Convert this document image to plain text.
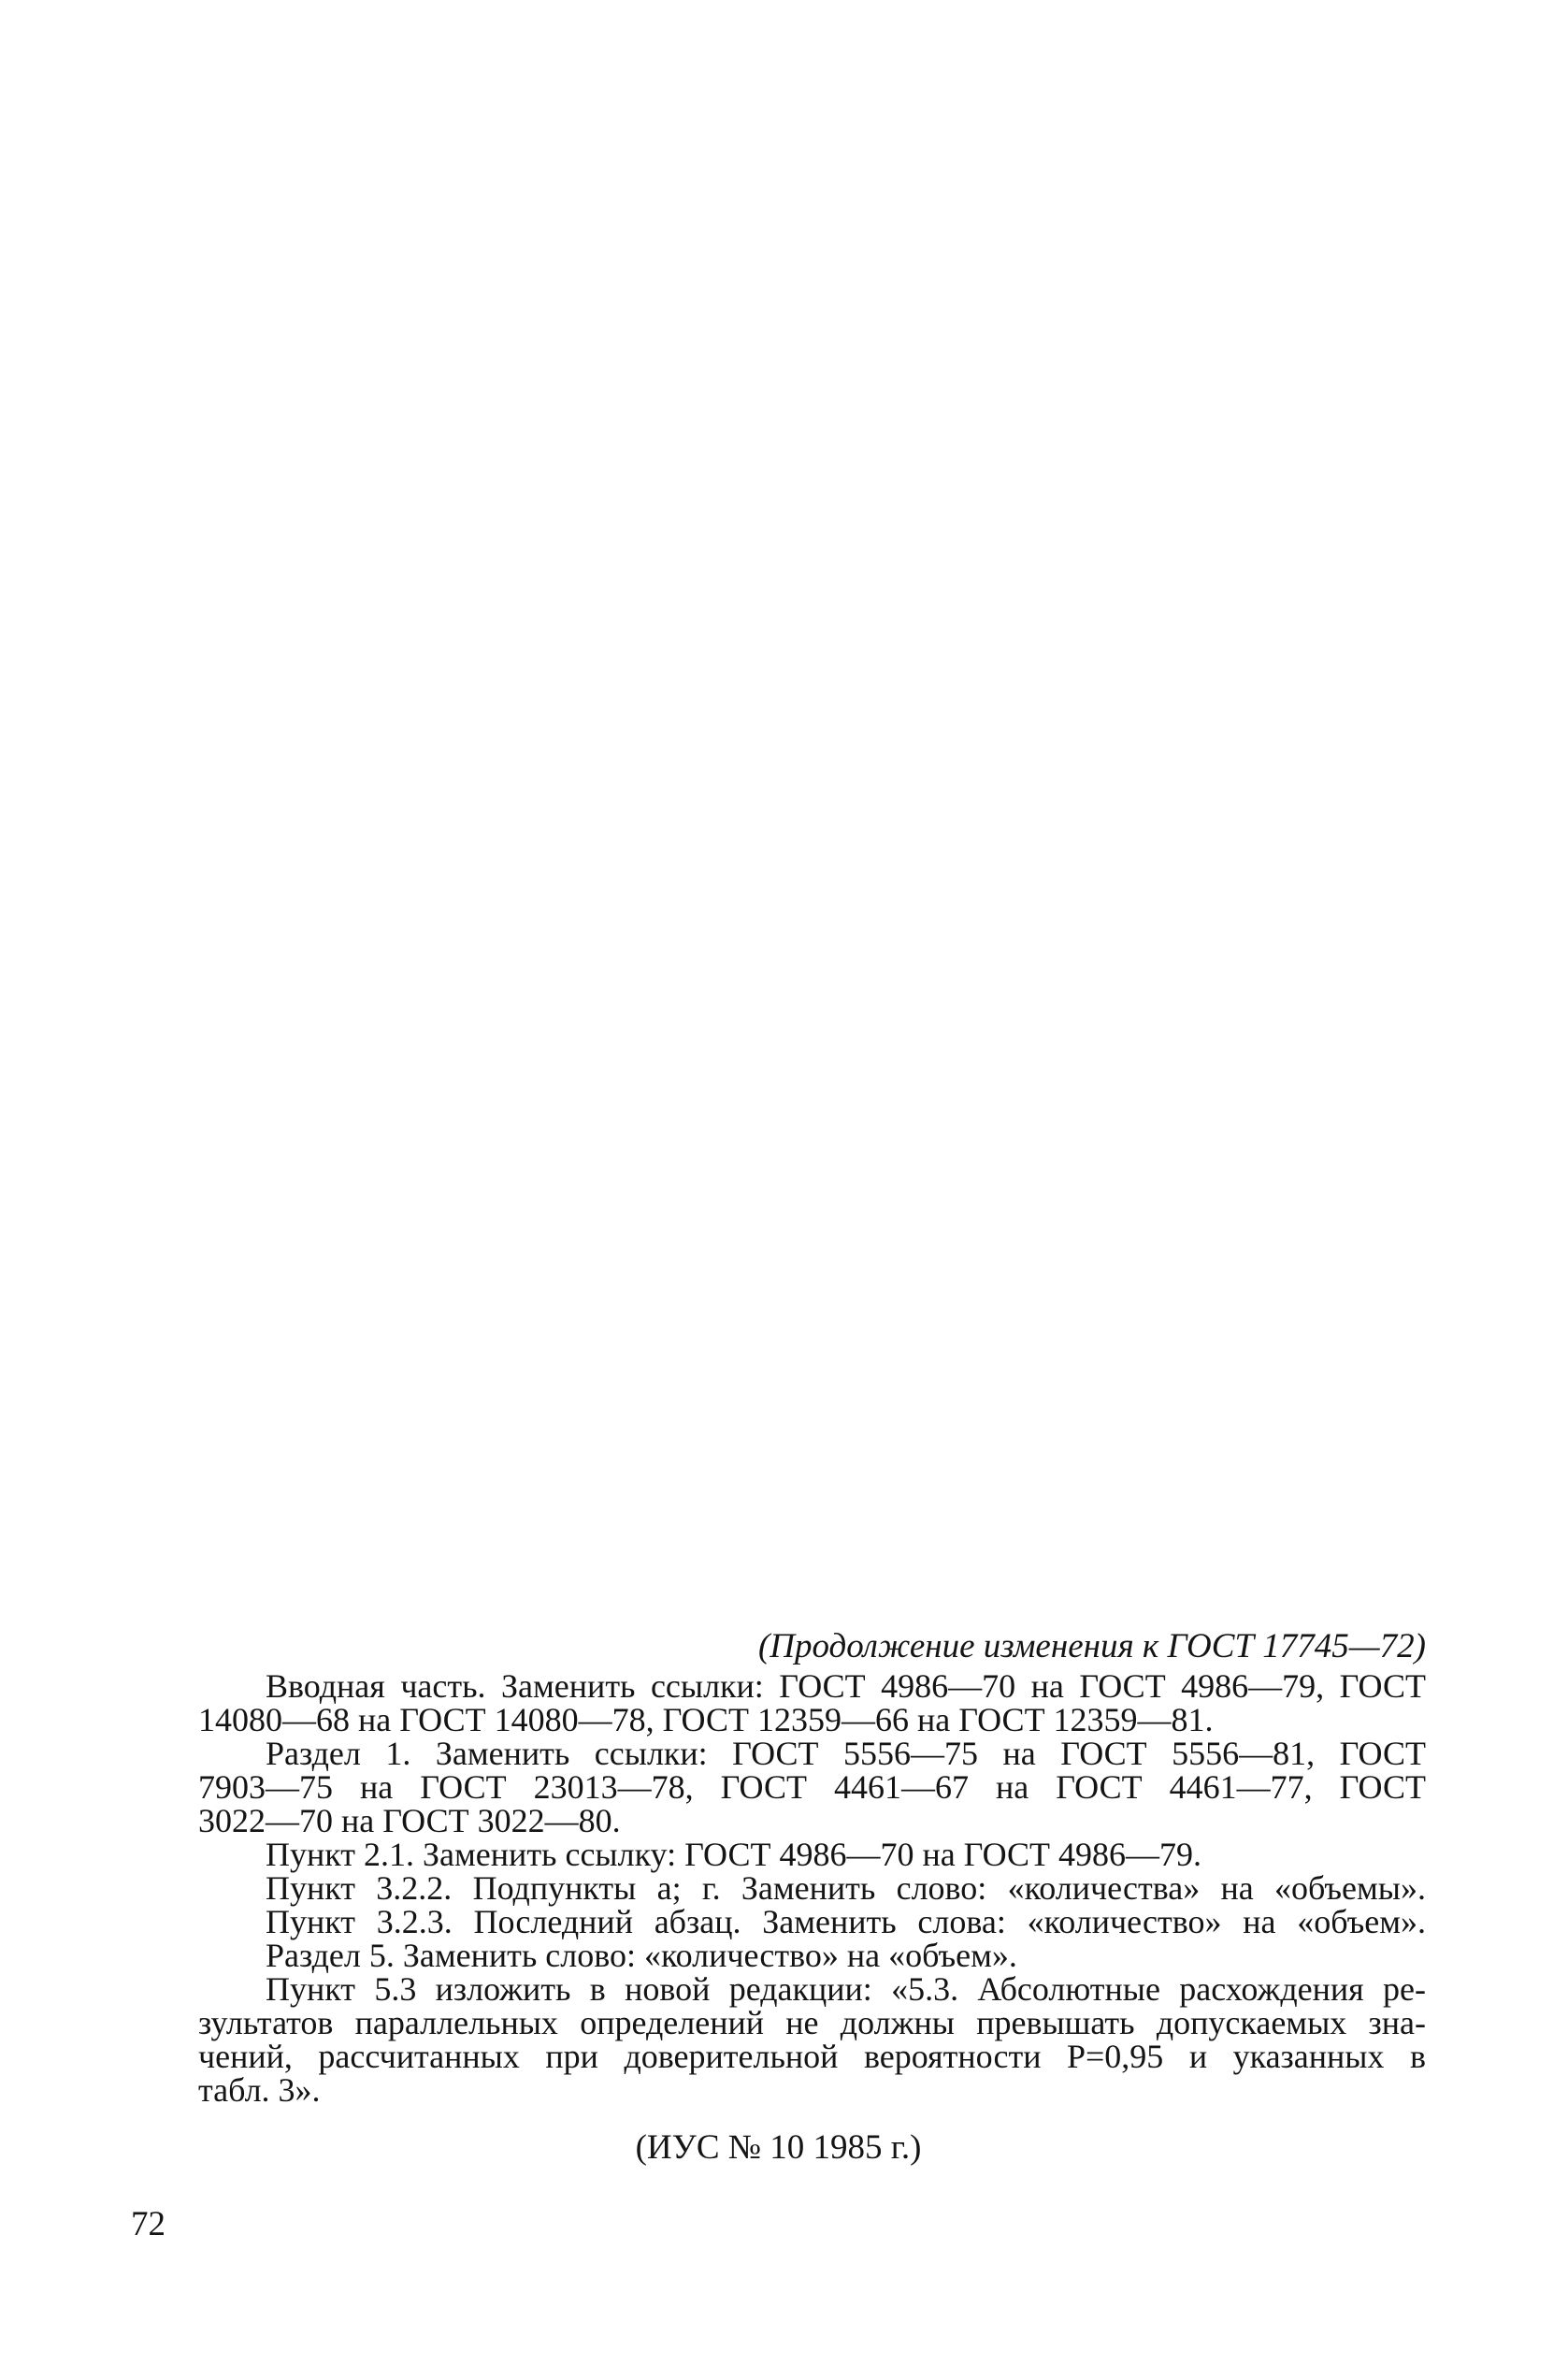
(Продолжение изменения к ГОСТ 17745—72)
Вводная часть. Заменить ссылки: ГОСТ 4986—70 на ГОСТ 4986—79, ГОСТ
14080—68 на ГОСТ 14080—78, ГОСТ 12359—66 на ГОСТ 12359—81.
Раздел 1. Заменить ссылки: ГОСТ 5556—75 на ГОСТ 5556—81, ГОСТ
7903—75 на ГОСТ 23013—78, ГОСТ 4461—67 на ГОСТ 4461—77, ГОСТ
3022—70 на ГОСТ 3022—80.
Пункт 2.1. Заменить ссылку: ГОСТ 4986—70 на ГОСТ 4986—79.
Пункт 3.2.2. Подпункты а; г. Заменить слово: «количества» на «объемы».
Пункт 3.2.3. Последний абзац. Заменить слова: «количество» на «объем».
Раздел 5. Заменить слово: «количество» на «объем».
Пункт 5.3 изложить в новой редакции: «5.3. Абсолютные расхождения ре-
зультатов параллельных определений не должны превышать допускаемых зна-
чений, рассчитанных при доверительной вероятности Р=0,95 и указанных в
табл. 3».
(ИУС № 10 1985 г.)
72
